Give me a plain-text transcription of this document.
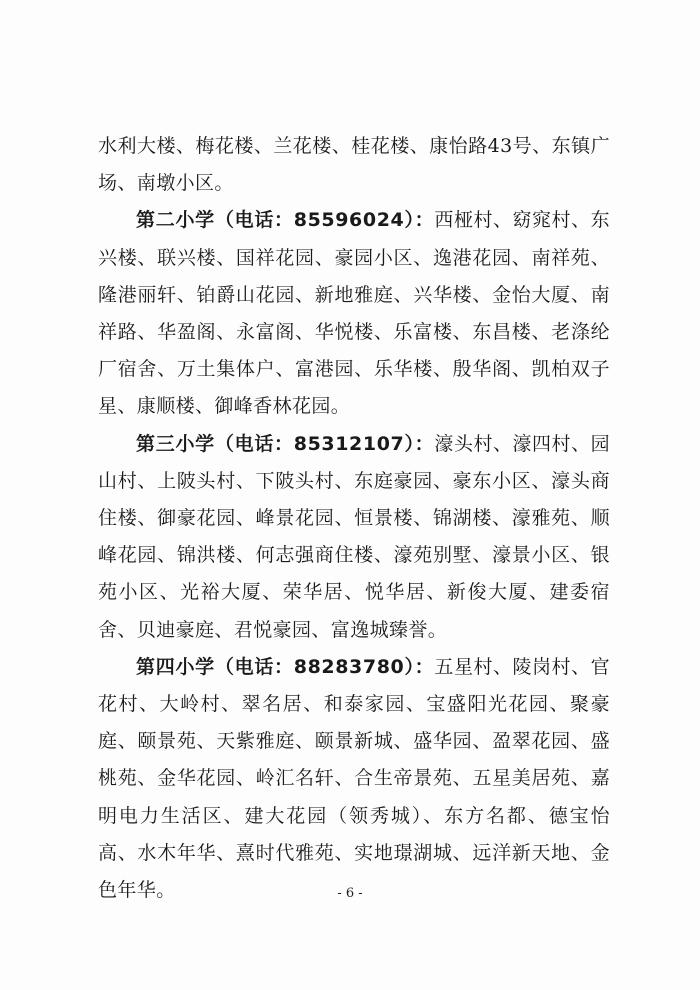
水利大楼、梅花楼、兰花楼、桂花楼、康怡路43号、东镇广场、南墩小区。

第二小学（电话：85596024）：西桠村、窈窕村、东兴楼、联兴楼、国祥花园、豪园小区、逸港花园、南祥苑、隆港丽轩、铂爵山花园、新地雅庭、兴华楼、金怡大厦、南祥路、华盈阁、永富阁、华悦楼、乐富楼、东昌楼、老涤纶厂宿舍、万土集体户、富港园、乐华楼、殷华阁、凯柏双子星、康顺楼、御峰香林花园。

第三小学（电话：85312107）：濠头村、濠四村、园山村、上陂头村、下陂头村、东庭豪园、豪东小区、濠头商住楼、御豪花园、峰景花园、恒景楼、锦湖楼、濠雅苑、顺峰花园、锦洪楼、何志强商住楼、濠苑别墅、濠景小区、银苑小区、光裕大厦、荣华居、悦华居、新俊大厦、建委宿舍、贝迪豪庭、君悦豪园、富逸城臻誉。

第四小学（电话：88283780）：五星村、陵岗村、官花村、大岭村、翠名居、和泰家园、宝盛阳光花园、聚豪庭、颐景苑、天紫雅庭、颐景新城、盛华园、盈翠花园、盛桃苑、金华花园、岭汇名轩、合生帝景苑、五星美居苑、嘉明电力生活区、建大花园（领秀城）、东方名都、德宝怡高、水木年华、熹时代雅苑、实地璟湖城、远洋新天地、金色年华。	- 6 -
